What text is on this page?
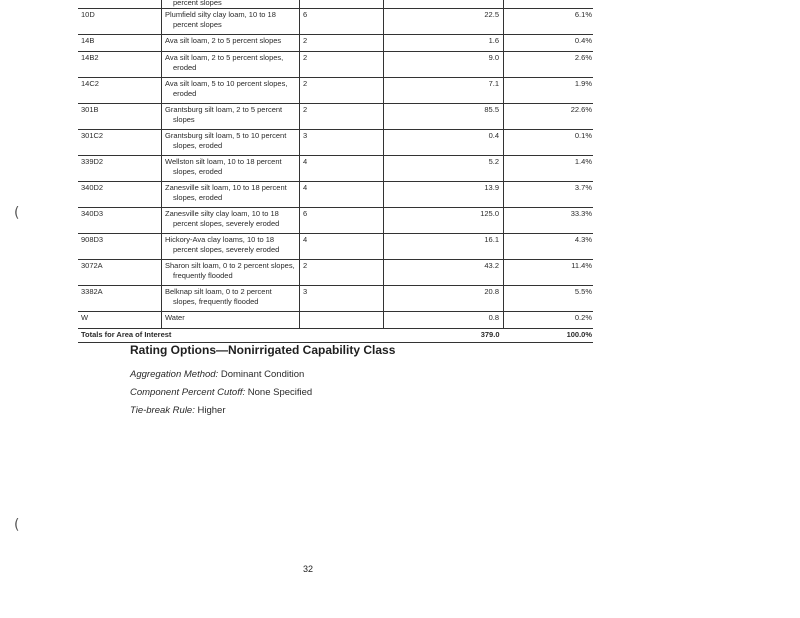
	percent slopes			

10D	Plumfield silty clay loam, 10 to 18
percent slopes	6	22.5	6.1%
14B	Ava silt loam, 2 to 5 percent slopes	2	1.6	0.4%
14B2	Ava silt loam, 2 to 5 percent slopes,
eroded	2	9.0	2.6%
14C2	Ava silt loam, 5 to 10 percent slopes,
eroded	2	7.1	1.9%
301B	Grantsburg silt loam, 2 to 5 percent
slopes	2	85.5	22.6%
301C2	Grantsburg silt loam, 5 to 10 percent
slopes, eroded	3	0.4	0.1%
339D2	Wellston silt loam, 10 to 18 percent
slopes, eroded	4	5.2	1.4%
340D2	Zanesville silt loam, 10 to 18 percent
slopes, eroded	4	13.9	3.7%
340D3	Zanesville silty clay loam, 10 to 18
percent slopes, severely eroded	6	125.0	33.3%
908D3	Hickory-Ava clay loams, 10 to 18
percent slopes, severely eroded	4	16.1	4.3%
3072A	Sharon silt loam, 0 to 2 percent slopes,
frequently flooded	2	43.2	11.4%
3382A	Belknap silt loam, 0 to 2 percent
slopes, frequently flooded	3	20.8	5.5%
W	Water		0.8	0.2%
Totals for Area of Interest			379.0	100.0%
Rating Options—Nonirrigated Capability Class
Aggregation Method: Dominant Condition
Component Percent Cutoff: None Specified
Tie-break Rule: Higher
32
(
(
